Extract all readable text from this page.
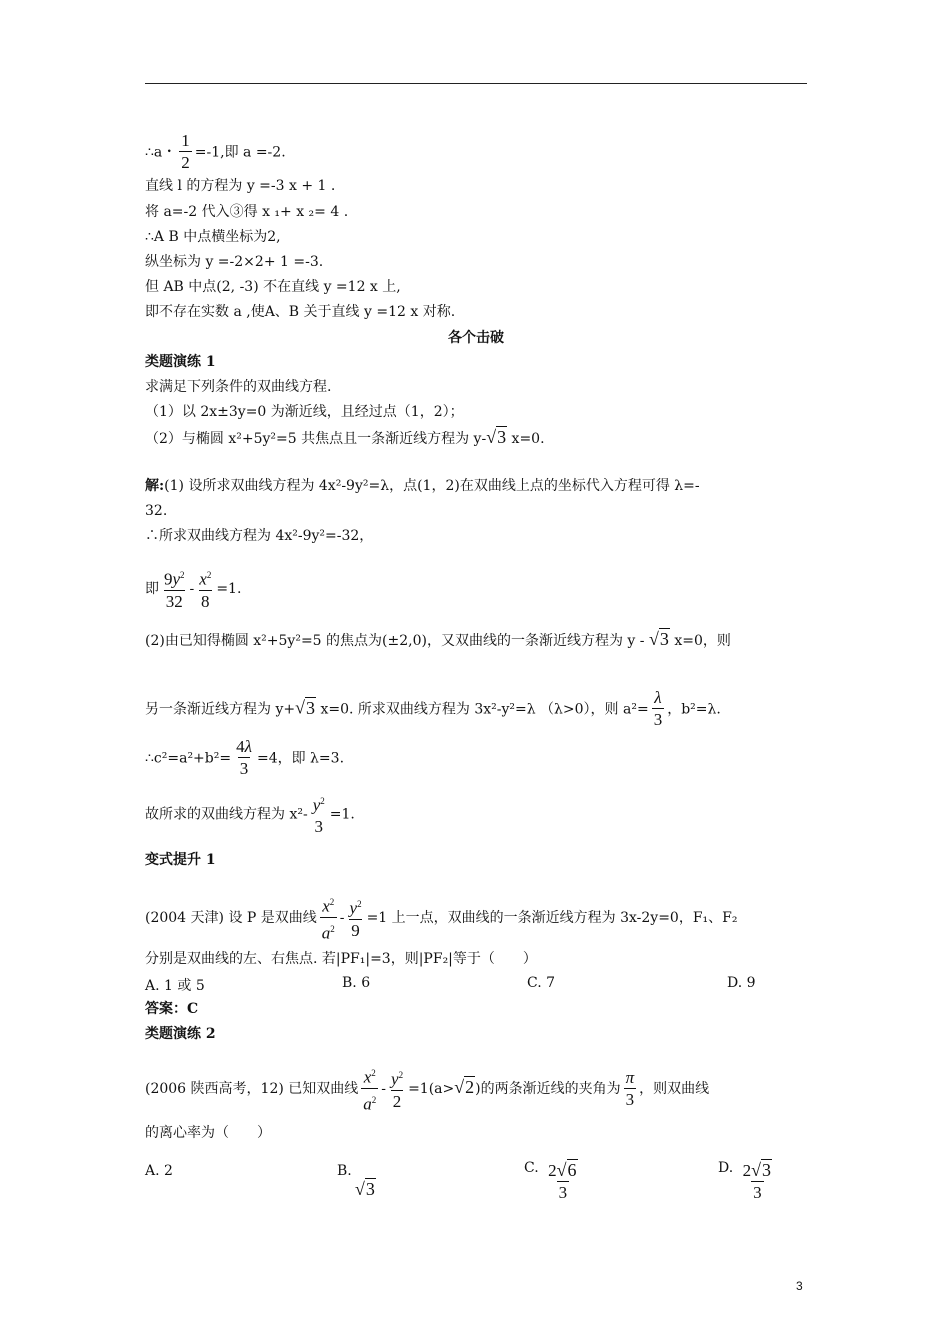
∴a・ $\frac{1}{2} =-1$,即 a =-2.
直线 l 的方程为 y =-3 x + 1 .
将 a=-2 代入③得 x ₁+ x ₂= 4 .
∴A B 中点横坐标为2,
纵坐标为 y =-2×2+ 1 =-3.
但 AB 中点(2, -3) 不在直线 y =12 x 上,
即不存在实数 a ,使A、B 关于直线 y =12 x 对称.
各个击破
类题演练 1
求满足下列条件的双曲线方程.
（1）以 2x±3y=0 为渐近线，且经过点（1，2）；
（2）与椭圆 x²+5y²=5 共焦点且一条渐近线方程为 y-√3 x=0.
解:(1) 设所求双曲线方程为 4x²-9y²=λ，点(1，2)在双曲线上点的坐标代入方程可得 λ=-
32.
∴所求双曲线方程为 4x²-9y²=-32，
即 $\frac{9y^2}{32} - \frac{x^2}{8} =1$.
(2)由已知得椭圆 x²+5y²=5 的焦点为(±2,0)，又双曲线的一条渐近线方程为 y - √3 x=0，则
另一条渐近线方程为 y+√3 x=0. 所求双曲线方程为 3x²-y²=λ （λ>0），则 $a^2= \frac{\lambda}{3}$ ，b²=λ.
∴c²=a²+b²= $\frac{4\lambda}{3} =4$，即 λ=3.
故所求的双曲线方程为 x²- $y^2$
3
=1.
变式提升 1
(2004 天津) 设 P 是双曲线 $\frac{x^2}{a^2} - \frac{y^2}{9} =1$ 上一点，双曲线的一条渐近线方程为 3x-2y=0，F₁、F₂
分别是双曲线的左、右焦点. 若|PF₁|=3，则|PF₂|等于（　　）
A. 1 或 5	B. 6	C. 7	D. 9
答案：C
类题演练 2
(2006 陕西高考，12) 已知双曲线 $\frac{x^2}{a^2} - \frac{y^2}{2} =1(a>√2)$的两条渐近线的夹角为 $\frac{\pi}{3}$ ，则双曲线
的离心率为（　　）
A. 2	B.
√3
C. $\frac{2√6}{3}$	D. $\frac{2√3}{3}$
3
